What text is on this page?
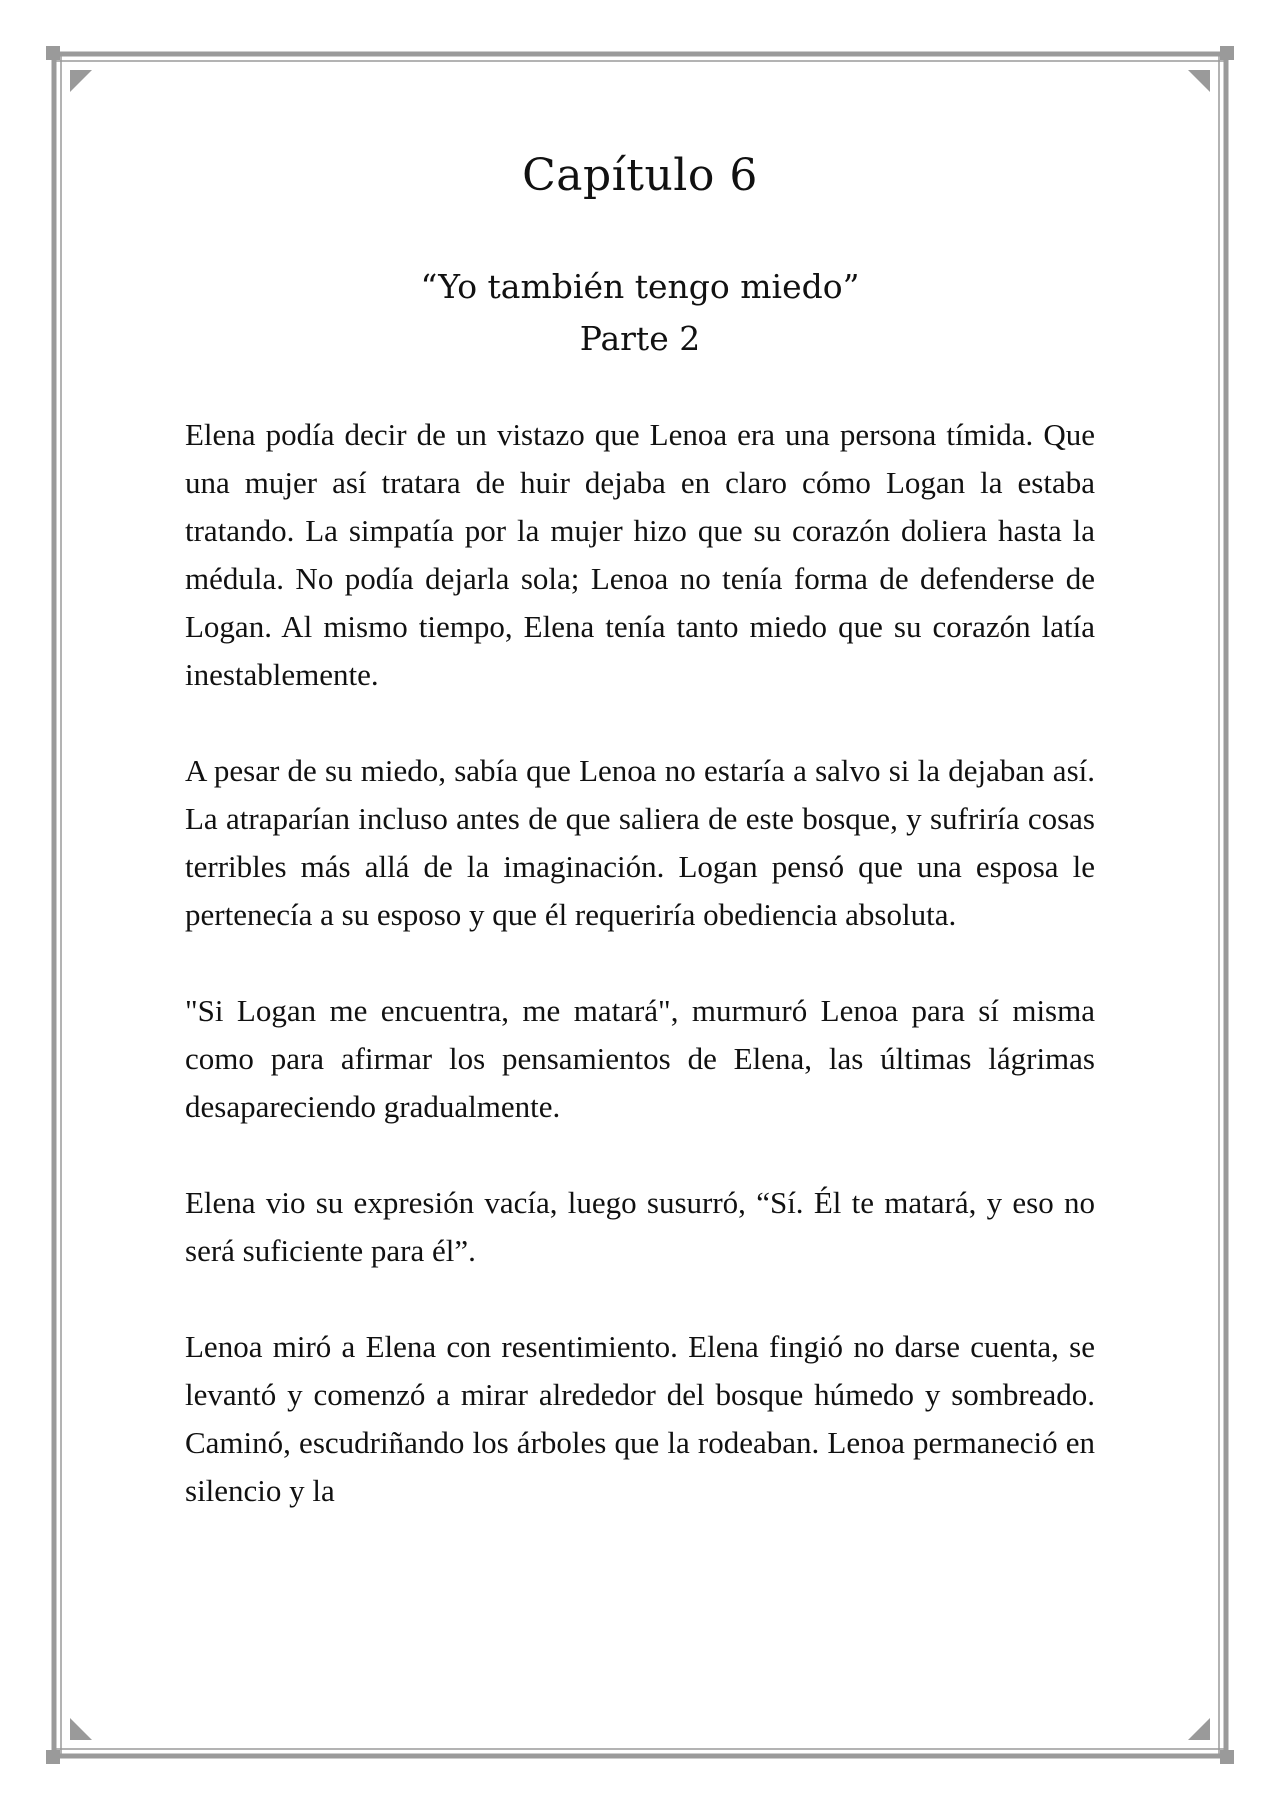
Capítulo 6
“Yo también tengo miedo”
Parte 2

Elena podía decir de un vistazo que Lenoa era una persona tímida. Que una mujer así tratara de huir dejaba en claro cómo Logan la estaba tratando. La simpatía por la mujer hizo que su corazón doliera hasta la médula. No podía dejarla sola; Lenoa no tenía forma de defenderse de Logan. Al mismo tiempo, Elena tenía tanto miedo que su corazón latía inestablemente.

A pesar de su miedo, sabía que Lenoa no estaría a salvo si la dejaban así. La atraparían incluso antes de que saliera de este bosque, y sufriría cosas terribles más allá de la imaginación. Logan pensó que una esposa le pertenecía a su esposo y que él requeriría obediencia absoluta.

"Si Logan me encuentra, me matará", murmuró Lenoa para sí misma como para afirmar los pensamientos de Elena, las últimas lágrimas desapareciendo gradualmente.

Elena vio su expresión vacía, luego susurró, “Sí. Él te matará, y eso no será suficiente para él”.

Lenoa miró a Elena con resentimiento. Elena fingió no darse cuenta, se levantó y comenzó a mirar alrededor del bosque húmedo y sombreado. Caminó, escudriñando los árboles que la rodeaban. Lenoa permaneció en silencio y la
